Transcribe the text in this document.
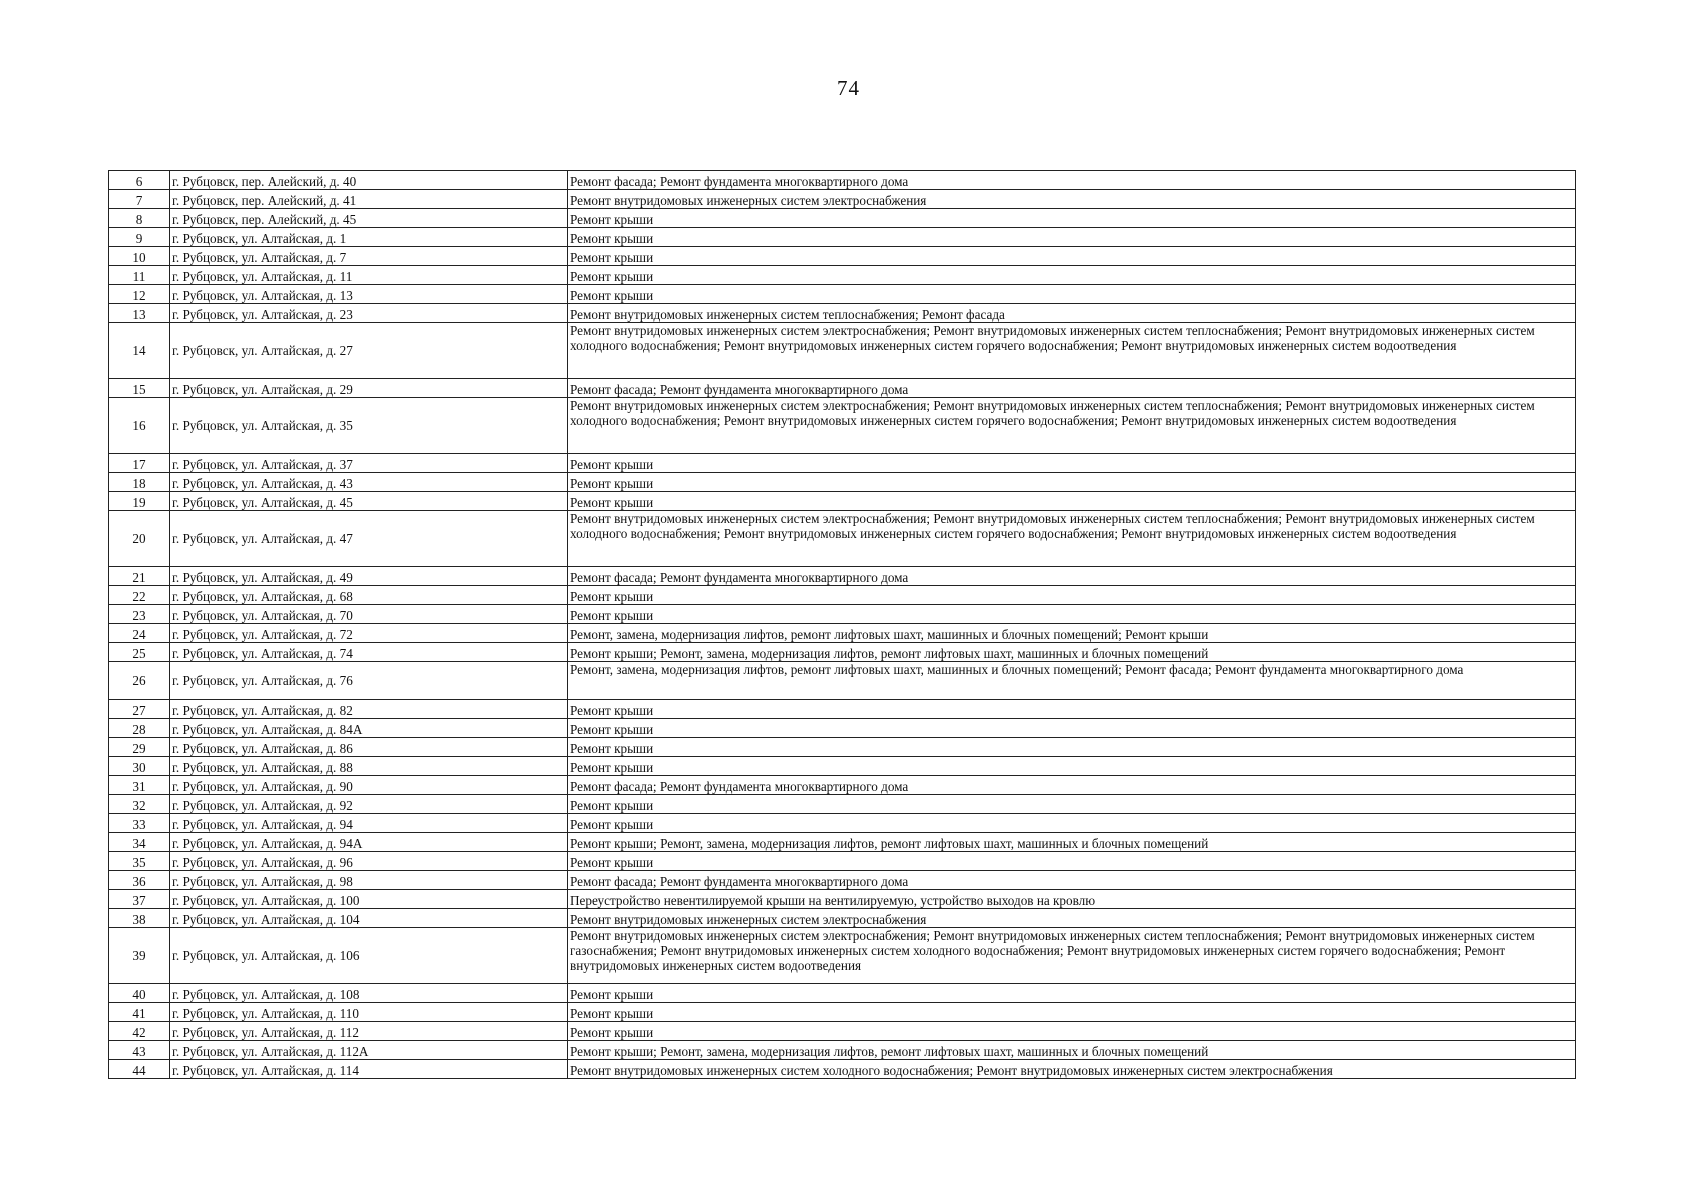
74
6	г. Рубцовск, пер. Алейский, д. 40	Ремонт фасада; Ремонт фундамента многоквартирного дома
7	г. Рубцовск, пер. Алейский, д. 41	Ремонт внутридомовых инженерных систем электроснабжения
8	г. Рубцовск, пер. Алейский, д. 45	Ремонт крыши
9	г. Рубцовск, ул. Алтайская, д. 1	Ремонт крыши
10	г. Рубцовск, ул. Алтайская, д. 7	Ремонт крыши
11	г. Рубцовск, ул. Алтайская, д. 11	Ремонт крыши
12	г. Рубцовск, ул. Алтайская, д. 13	Ремонт крыши
13	г. Рубцовск, ул. Алтайская, д. 23	Ремонт внутридомовых инженерных систем теплоснабжения; Ремонт фасада
14	г. Рубцовск, ул. Алтайская, д. 27	Ремонт внутридомовых инженерных систем электроснабжения; Ремонт внутридомовых инженерных систем теплоснабжения; Ремонт внутридомовых инженерных систем холодного водоснабжения; Ремонт внутридомовых инженерных систем горячего водоснабжения; Ремонт внутридомовых инженерных систем водоотведения
15	г. Рубцовск, ул. Алтайская, д. 29	Ремонт фасада; Ремонт фундамента многоквартирного дома
16	г. Рубцовск, ул. Алтайская, д. 35	Ремонт внутридомовых инженерных систем электроснабжения; Ремонт внутридомовых инженерных систем теплоснабжения; Ремонт внутридомовых инженерных систем холодного водоснабжения; Ремонт внутридомовых инженерных систем горячего водоснабжения; Ремонт внутридомовых инженерных систем водоотведения
17	г. Рубцовск, ул. Алтайская, д. 37	Ремонт крыши
18	г. Рубцовск, ул. Алтайская, д. 43	Ремонт крыши
19	г. Рубцовск, ул. Алтайская, д. 45	Ремонт крыши
20	г. Рубцовск, ул. Алтайская, д. 47	Ремонт внутридомовых инженерных систем электроснабжения; Ремонт внутридомовых инженерных систем теплоснабжения; Ремонт внутридомовых инженерных систем холодного водоснабжения; Ремонт внутридомовых инженерных систем горячего водоснабжения; Ремонт внутридомовых инженерных систем водоотведения
21	г. Рубцовск, ул. Алтайская, д. 49	Ремонт фасада; Ремонт фундамента многоквартирного дома
22	г. Рубцовск, ул. Алтайская, д. 68	Ремонт крыши
23	г. Рубцовск, ул. Алтайская, д. 70	Ремонт крыши
24	г. Рубцовск, ул. Алтайская, д. 72	Ремонт, замена, модернизация лифтов, ремонт лифтовых шахт, машинных и блочных помещений; Ремонт крыши
25	г. Рубцовск, ул. Алтайская, д. 74	Ремонт крыши; Ремонт, замена, модернизация лифтов, ремонт лифтовых шахт, машинных и блочных помещений
26	г. Рубцовск, ул. Алтайская, д. 76	Ремонт, замена, модернизация лифтов, ремонт лифтовых шахт, машинных и блочных помещений; Ремонт фасада; Ремонт фундамента многоквартирного дома
27	г. Рубцовск, ул. Алтайская, д. 82	Ремонт крыши
28	г. Рубцовск, ул. Алтайская, д. 84А	Ремонт крыши
29	г. Рубцовск, ул. Алтайская, д. 86	Ремонт крыши
30	г. Рубцовск, ул. Алтайская, д. 88	Ремонт крыши
31	г. Рубцовск, ул. Алтайская, д. 90	Ремонт фасада; Ремонт фундамента многоквартирного дома
32	г. Рубцовск, ул. Алтайская, д. 92	Ремонт крыши
33	г. Рубцовск, ул. Алтайская, д. 94	Ремонт крыши
34	г. Рубцовск, ул. Алтайская, д. 94А	Ремонт крыши; Ремонт, замена, модернизация лифтов, ремонт лифтовых шахт, машинных и блочных помещений
35	г. Рубцовск, ул. Алтайская, д. 96	Ремонт крыши
36	г. Рубцовск, ул. Алтайская, д. 98	Ремонт фасада; Ремонт фундамента многоквартирного дома
37	г. Рубцовск, ул. Алтайская, д. 100	Переустройство невентилируемой крыши на вентилируемую, устройство выходов на кровлю
38	г. Рубцовск, ул. Алтайская, д. 104	Ремонт внутридомовых инженерных систем электроснабжения
39	г. Рубцовск, ул. Алтайская, д. 106	Ремонт внутридомовых инженерных систем электроснабжения; Ремонт внутридомовых инженерных систем теплоснабжения; Ремонт внутридомовых инженерных систем газоснабжения; Ремонт внутридомовых инженерных систем холодного водоснабжения; Ремонт внутридомовых инженерных систем горячего водоснабжения; Ремонт внутридомовых инженерных систем водоотведения
40	г. Рубцовск, ул. Алтайская, д. 108	Ремонт крыши
41	г. Рубцовск, ул. Алтайская, д. 110	Ремонт крыши
42	г. Рубцовск, ул. Алтайская, д. 112	Ремонт крыши
43	г. Рубцовск, ул. Алтайская, д. 112А	Ремонт крыши; Ремонт, замена, модернизация лифтов, ремонт лифтовых шахт, машинных и блочных помещений
44	г. Рубцовск, ул. Алтайская, д. 114	Ремонт внутридомовых инженерных систем холодного водоснабжения; Ремонт внутридомовых инженерных систем электроснабжения
